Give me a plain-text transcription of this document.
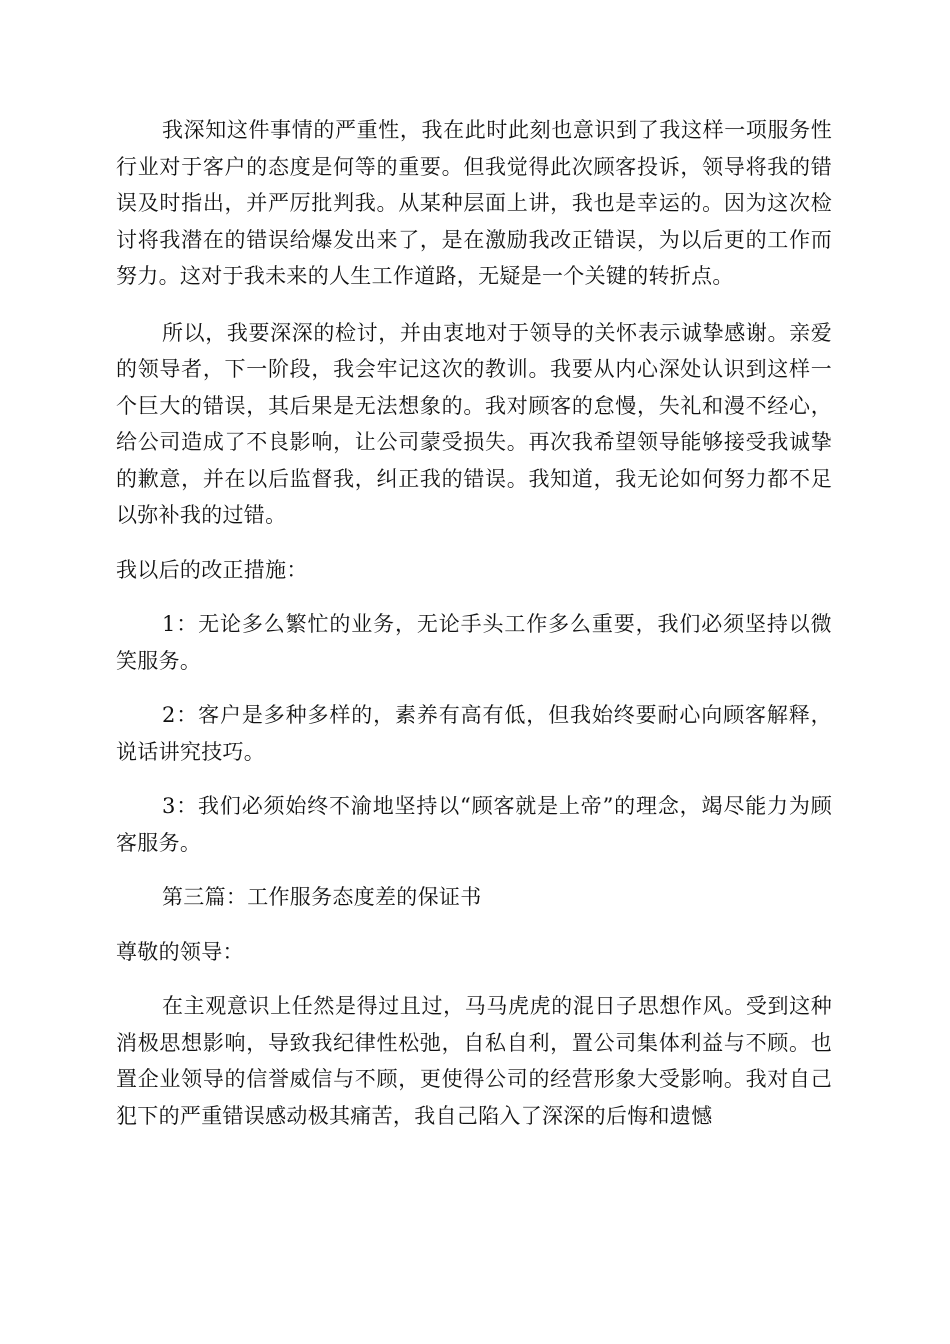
我深知这件事情的严重性，我在此时此刻也意识到了我这样一项服务性行业对于客户的态度是何等的重要。但我觉得此次顾客投诉，领导将我的错误及时指出，并严厉批判我。从某种层面上讲，我也是幸运的。因为这次检讨将我潜在的错误给爆发出来了，是在激励我改正错误，为以后更的工作而努力。这对于我未来的人生工作道路，无疑是一个关键的转折点。

所以，我要深深的检讨，并由衷地对于领导的关怀表示诚挚感谢。亲爱的领导者，下一阶段，我会牢记这次的教训。我要从内心深处认识到这样一个巨大的错误，其后果是无法想象的。我对顾客的怠慢，失礼和漫不经心，给公司造成了不良影响，让公司蒙受损失。再次我希望领导能够接受我诚挚的歉意，并在以后监督我，纠正我的错误。我知道，我无论如何努力都不足以弥补我的过错。

我以后的改正措施：

1：无论多么繁忙的业务，无论手头工作多么重要，我们必须坚持以微笑服务。

2：客户是多种多样的，素养有高有低，但我始终要耐心向顾客解释，说话讲究技巧。

3：我们必须始终不渝地坚持以“顾客就是上帝”的理念，竭尽能力为顾客服务。

第三篇：工作服务态度差的保证书

尊敬的领导：

在主观意识上任然是得过且过，马马虎虎的混日子思想作风。受到这种消极思想影响，导致我纪律性松弛，自私自利，置公司集体利益与不顾。也置企业领导的信誉威信与不顾，更使得公司的经营形象大受影响。我对自己犯下的严重错误感动极其痛苦，我自己陷入了深深的后悔和遗憾
